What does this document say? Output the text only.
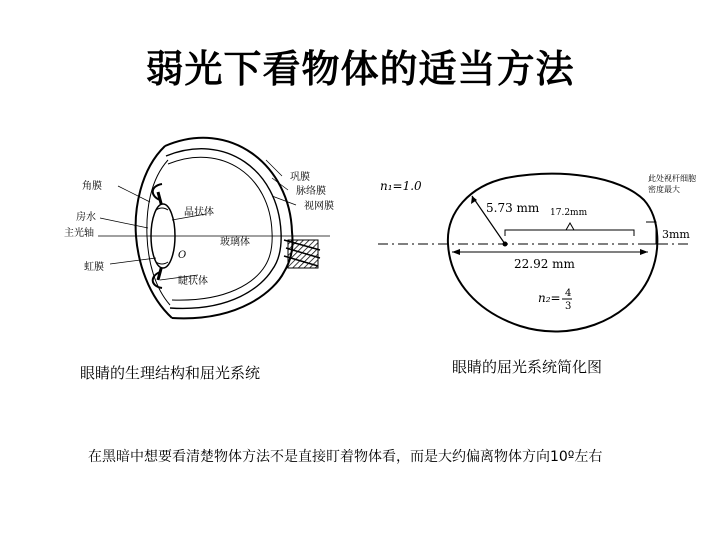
弱光下看物体的适当方法
角膜
房水
主光轴
虹膜
晶状体
玻璃体
O
睫状体
巩膜
脉络膜
视网膜
n₁=1.0
5.73 mm 17.2mm
22.92 mm
3mm
此处视杆细胞
密度最大
n₂= 4
3
眼睛的生理结构和屈光系统	眼睛的屈光系统简化图
在黑暗中想要看清楚物体方法不是直接盯着物体看，而是大约偏离物体方向10º左右
